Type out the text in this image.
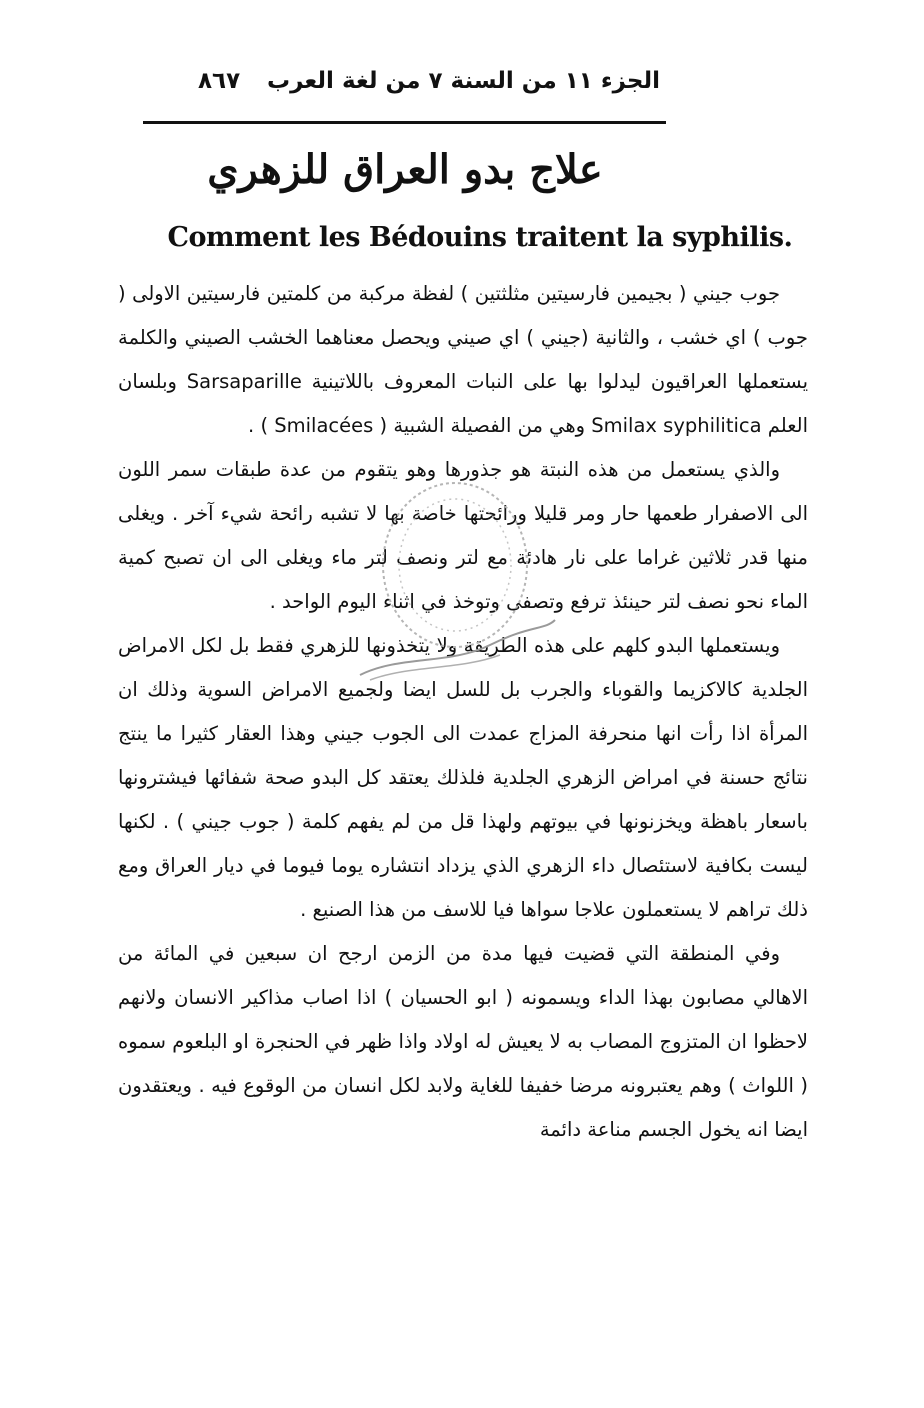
الجزء ١١ من السنة ٧ من لغة العرب
٨٦٧
علاج بدو العراق للزهري
Comment les Bédouins traitent la syphilis.

جوب جيني ( بجيمين فارسيتين مثلثتين ) لفظة مركبة من كلمتين فارسيتين الاولى ( جوب ) اي خشب ، والثانية (جيني ) اي صيني ويحصل معناهما الخشب الصيني والكلمة يستعملها العراقيون ليدلوا بها على النبات المعروف باللاتينية Sarsaparille وبلسان العلم Smilax syphilitica وهي من الفصيلة الشبية ( Smilacées ) .

والذي يستعمل من هذه النبتة هو جذورها وهو يتقوم من عدة طبقات سمر اللون الى الاصفرار طعمها حار ومر قليلا ورائحتها خاصة بها لا تشبه رائحة شيء آخر . ويغلى منها قدر ثلاثين غراما على نار هادئة مع لتر ونصف لتر ماء ويغلى الى ان تصبح كمية الماء نحو نصف لتر حينئذ ترفع وتصفى وتوخذ في اثناء اليوم الواحد .

ويستعملها البدو كلهم على هذه الطريقة ولا يتخذونها للزهري فقط بل لكل الامراض الجلدية كالاكزيما والقوباء والجرب بل للسل ايضا ولجميع الامراض السوية وذلك ان المرأة اذا رأت انها منحرفة المزاج عمدت الى الجوب جيني وهذا العقار كثيرا ما ينتج نتائج حسنة في امراض الزهري الجلدية فلذلك يعتقد كل البدو صحة شفائها فيشترونها باسعار باهظة ويخزنونها في بيوتهم ولهذا قل من لم يفهم كلمة ( جوب جيني ) . لكنها ليست بكافية لاستئصال داء الزهري الذي يزداد انتشاره يوما فيوما في ديار العراق ومع ذلك تراهم لا يستعملون علاجا سواها فيا للاسف من هذا الصنيع .

وفي المنطقة التي قضيت فيها مدة من الزمن ارجح ان سبعين في المائة من الاهالي مصابون بهذا الداء ويسمونه ( ابو الحسيان ) اذا اصاب مذاكير الانسان ولانهم لاحظوا ان المتزوج المصاب به لا يعيش له اولاد واذا ظهر في الحنجرة او البلعوم سموه ( اللواث ) وهم يعتبرونه مرضا خفيفا للغاية ولابد لكل انسان من الوقوع فيه . ويعتقدون ايضا انه يخول الجسم مناعة دائمة
